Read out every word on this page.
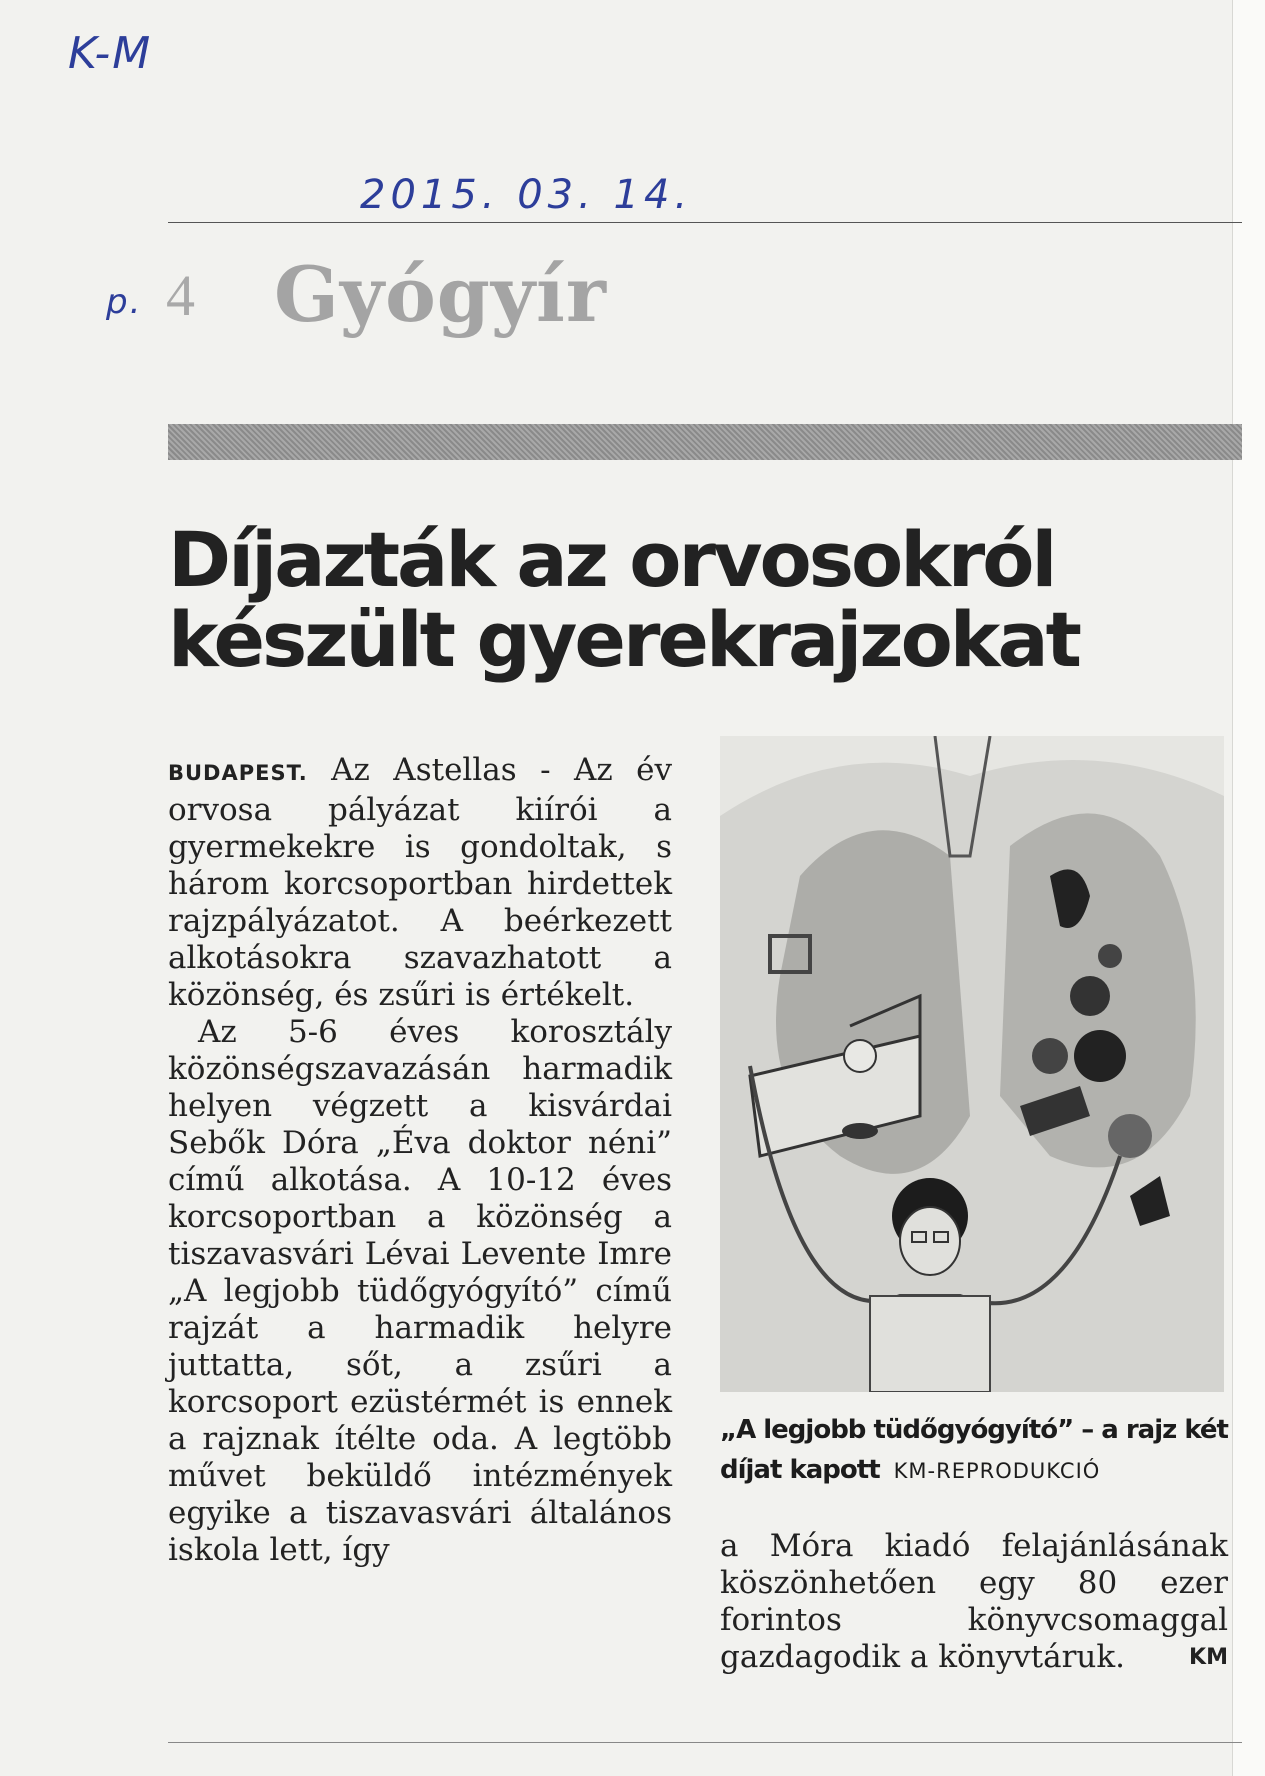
K-M
2015. 03. 14.
p. 4 Gyógyír
Díjazták az orvosokról
készült gyerekrajzokat

BUDAPEST. Az Astellas - Az év orvosa pályázat kiírói a gyermekekre is gondoltak, s három korcsoportban hirdettek rajzpályázatot. A beérkezett alkotásokra szavazhatott a közönség, és zsűri is értékelt.

Az 5-6 éves korosztály közönségszavazásán harmadik helyen végzett a kisvárdai Sebők Dóra „Éva doktor néni” című alkotása. A 10-12 éves korcsoportban a közönség a tiszavasvári Lévai Levente Imre „A legjobb tüdőgyógyító” című rajzát a harmadik helyre juttatta, sőt, a zsűri a korcsoport ezüstérmét is ennek a rajznak ítélte oda. A legtöbb művet beküldő intézmények egyike a tiszavasvári általános iskola lett, így

„A legjobb tüdőgyógyító” – a rajz két díjat kapott KM-REPRODUKCIÓ

a Móra kiadó felajánlásának köszönhetően egy 80 ezer forintos könyvcsomaggal gazdagodik a könyvtáruk.	KM
